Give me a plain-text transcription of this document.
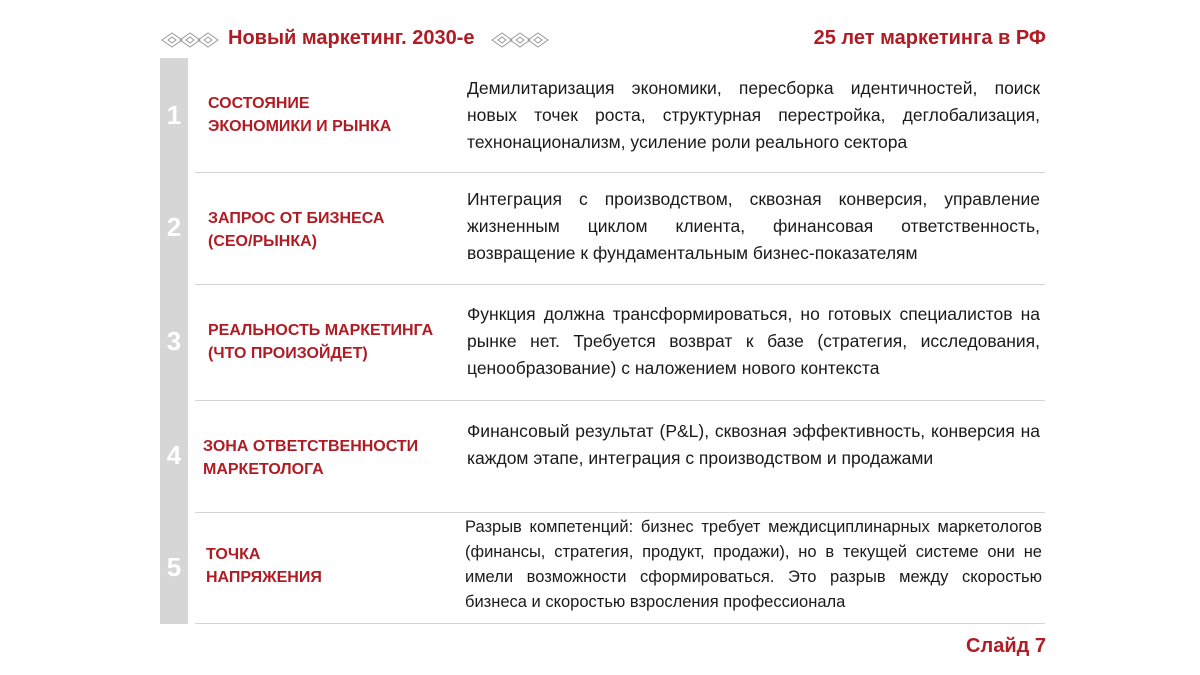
Новый маркетинг. 2030-е	25 лет маркетинга в РФ
1
2
3
4
5
СОСТОЯНИЕ
ЭКОНОМИКИ И РЫНКА
Демилитаризация экономики, пересборка идентичностей, поиск новых точек роста, структурная перестройка, деглобализация, технонационализм, усиление роли реального сектора
ЗАПРОС ОТ БИЗНЕСА
(CEO/РЫНКА)
Интеграция с производством, сквозная конверсия, управление жизненным циклом клиента, финансовая ответственность, возвращение к фундаментальным бизнес-показателям
РЕАЛЬНОСТЬ МАРКЕТИНГА
(ЧТО ПРОИЗОЙДЕТ)
Функция должна трансформироваться, но готовых специалистов на рынке нет. Требуется возврат к базе (стратегия, исследования, ценообразование) с наложением нового контекста
ЗОНА ОТВЕТСТВЕННОСТИ
МАРКЕТОЛОГА
Финансовый результат (P&L), сквозная эффективность, конверсия на каждом этапе, интеграция с производством и продажами
ТОЧКА
НАПРЯЖЕНИЯ
Разрыв компетенций: бизнес требует междисциплинарных маркетологов (финансы, стратегия, продукт, продажи), но в текущей системе они не имели возможности сформироваться. Это разрыв между скоростью бизнеса и скоростью взросления профессионала
Слайд 7
